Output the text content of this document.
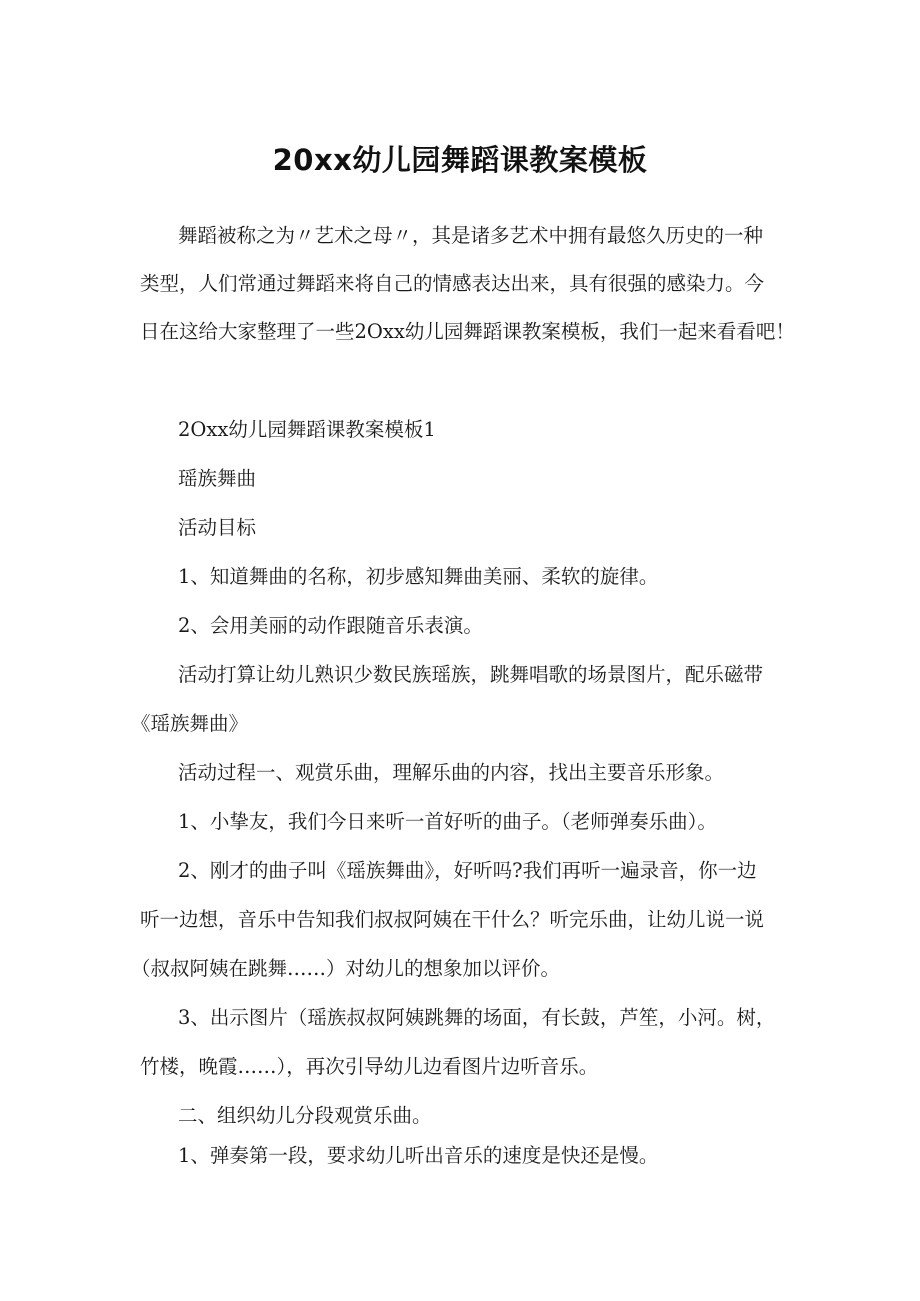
20xx幼儿园舞蹈课教案模板

舞蹈被称之为〃艺术之母〃，其是诸多艺术中拥有最悠久历史的一种

类型，人们常通过舞蹈来将自己的情感表达出来，具有很强的感染力。今

日在这给大家整理了一些2Oxx幼儿园舞蹈课教案模板，我们一起来看看吧！

2Oxx幼儿园舞蹈课教案模板1

瑶族舞曲

活动目标

1、知道舞曲的名称，初步感知舞曲美丽、柔软的旋律。

2、会用美丽的动作跟随音乐表演。

活动打算让幼儿熟识少数民族瑶族，跳舞唱歌的场景图片，配乐磁带

《瑶族舞曲》

活动过程一、观赏乐曲，理解乐曲的内容，找出主要音乐形象。

1、小挚友，我们今日来听一首好听的曲子。（老师弹奏乐曲）。

2、刚才的曲子叫《瑶族舞曲》，好听吗?我们再听一遍录音，你一边

听一边想，音乐中告知我们叔叔阿姨在干什么？听完乐曲，让幼儿说一说

（叔叔阿姨在跳舞……）对幼儿的想象加以评价。

3、出示图片（瑶族叔叔阿姨跳舞的场面，有长鼓，芦笙，小河。树，

竹楼，晚霞……），再次引导幼儿边看图片边听音乐。

二、组织幼儿分段观赏乐曲。

1、弹奏第一段，要求幼儿听出音乐的速度是快还是慢。
